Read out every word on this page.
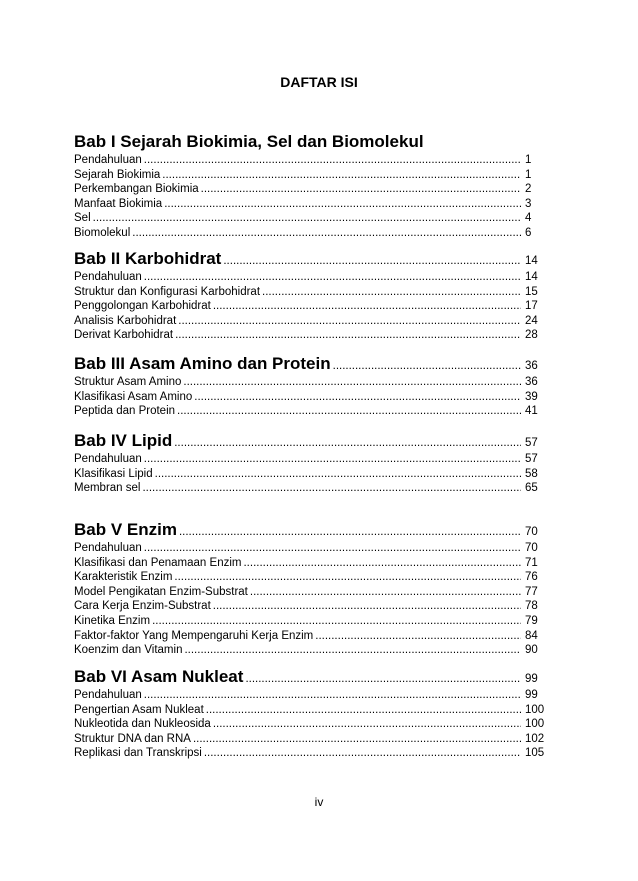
DAFTAR ISI
Bab I Sejarah Biokimia, Sel dan Biomolekul
Pendahuluan .....	1
Sejarah Biokimia .....	1
Perkembangan Biokimia .....	2
Manfaat Biokimia .....	3
Sel .....	4
Biomolekul .....	6
Bab II Karbohidrat .....	14
Pendahuluan .....	14
Struktur dan Konfigurasi Karbohidrat .....	15
Penggolongan Karbohidrat .....	17
Analisis Karbohidrat .....	24
Derivat Karbohidrat .....	28
Bab III Asam Amino dan Protein .....	36
Struktur Asam Amino .....	36
Klasifikasi Asam Amino .....	39
Peptida dan Protein .....	41
Bab IV Lipid .....	57
Pendahuluan .....	57
Klasifikasi Lipid .....	58
Membran sel .....	65
Bab V Enzim .....	70
Pendahuluan .....	70
Klasifikasi dan Penamaan Enzim .....	71
Karakteristik Enzim .....	76
Model Pengikatan Enzim-Substrat .....	77
Cara Kerja Enzim-Substrat .....	78
Kinetika Enzim .....	79
Faktor-faktor Yang Mempengaruhi Kerja Enzim .....	84
Koenzim dan Vitamin .....	90
Bab VI Asam Nukleat .....	99
Pendahuluan .....	99
Pengertian Asam Nukleat .....	100
Nukleotida dan Nukleosida .....	100
Struktur DNA dan RNA .....	102
Replikasi dan Transkripsi .....	105
iv
